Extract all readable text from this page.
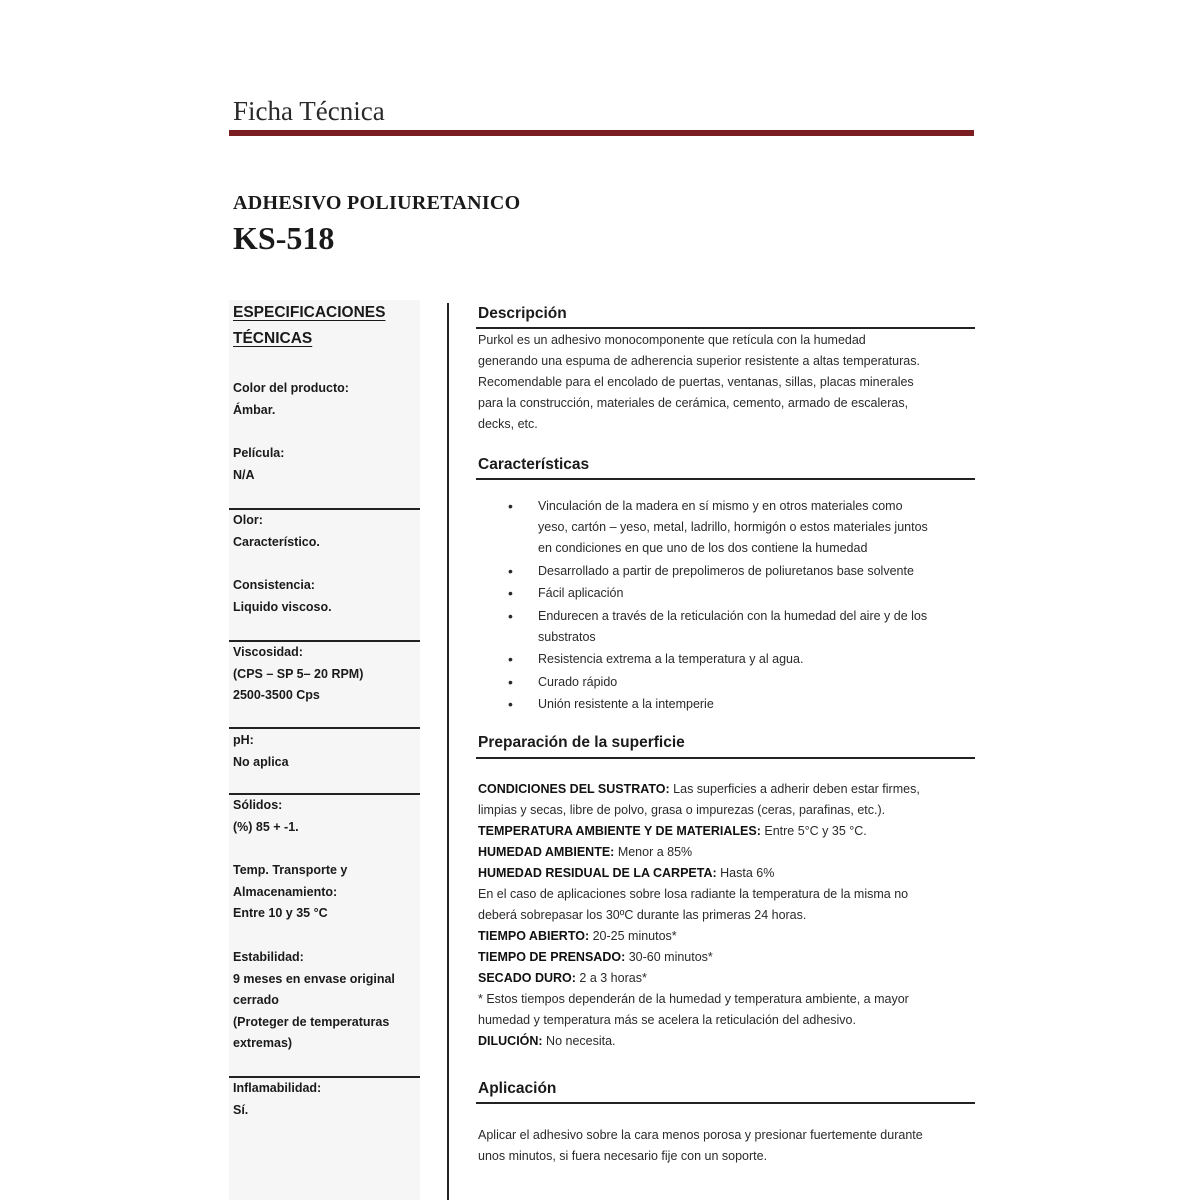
Ficha Técnica
ADHESIVO POLIURETANICO
KS-518
ESPECIFICACIONES
TÉCNICAS
Color del producto:
Ámbar.
Película:
N/A
Olor:
Característico.
Consistencia:
Liquido viscoso.
Viscosidad:
(CPS – SP 5– 20 RPM)
2500-3500 Cps
pH:
No aplica
Sólidos:
(%) 85 + -1.
Temp. Transporte y
Almacenamiento:
Entre 10 y 35 °C
Estabilidad:
9 meses en envase original
cerrado
(Proteger de temperaturas
extremas)
Inflamabilidad:
Sí.
Descripción
Purkol es un adhesivo monocomponente que retícula con la humedad
generando una espuma de adherencia superior resistente a altas temperaturas.
Recomendable para el encolado de puertas, ventanas, sillas, placas minerales
para la construcción, materiales de cerámica, cemento, armado de escaleras,
decks, etc.
Características
• Vinculación de la madera en sí mismo y en otros materiales como
yeso, cartón – yeso, metal, ladrillo, hormigón o estos materiales juntos
en condiciones en que uno de los dos contiene la humedad
• Desarrollado a partir de prepolimeros de poliuretanos base solvente
• Fácil aplicación
• Endurecen a través de la reticulación con la humedad del aire y de los
substratos
• Resistencia extrema a la temperatura y al agua.
• Curado rápido
• Unión resistente a la intemperie
Preparación de la superficie
CONDICIONES DEL SUSTRATO: Las superficies a adherir deben estar firmes,
limpias y secas, libre de polvo, grasa o impurezas (ceras, parafinas, etc.).
TEMPERATURA AMBIENTE Y DE MATERIALES: Entre 5°C y 35 °C.
HUMEDAD AMBIENTE: Menor a 85%
HUMEDAD RESIDUAL DE LA CARPETA: Hasta 6%
En el caso de aplicaciones sobre losa radiante la temperatura de la misma no
deberá sobrepasar los 30ºC durante las primeras 24 horas.
TIEMPO ABIERTO: 20-25 minutos*
TIEMPO DE PRENSADO: 30-60 minutos*
SECADO DURO: 2 a 3 horas*
* Estos tiempos dependerán de la humedad y temperatura ambiente, a mayor
humedad y temperatura más se acelera la reticulación del adhesivo.
DILUCIÓN: No necesita.
Aplicación
Aplicar el adhesivo sobre la cara menos porosa y presionar fuertemente durante
unos minutos, si fuera necesario fije con un soporte.
